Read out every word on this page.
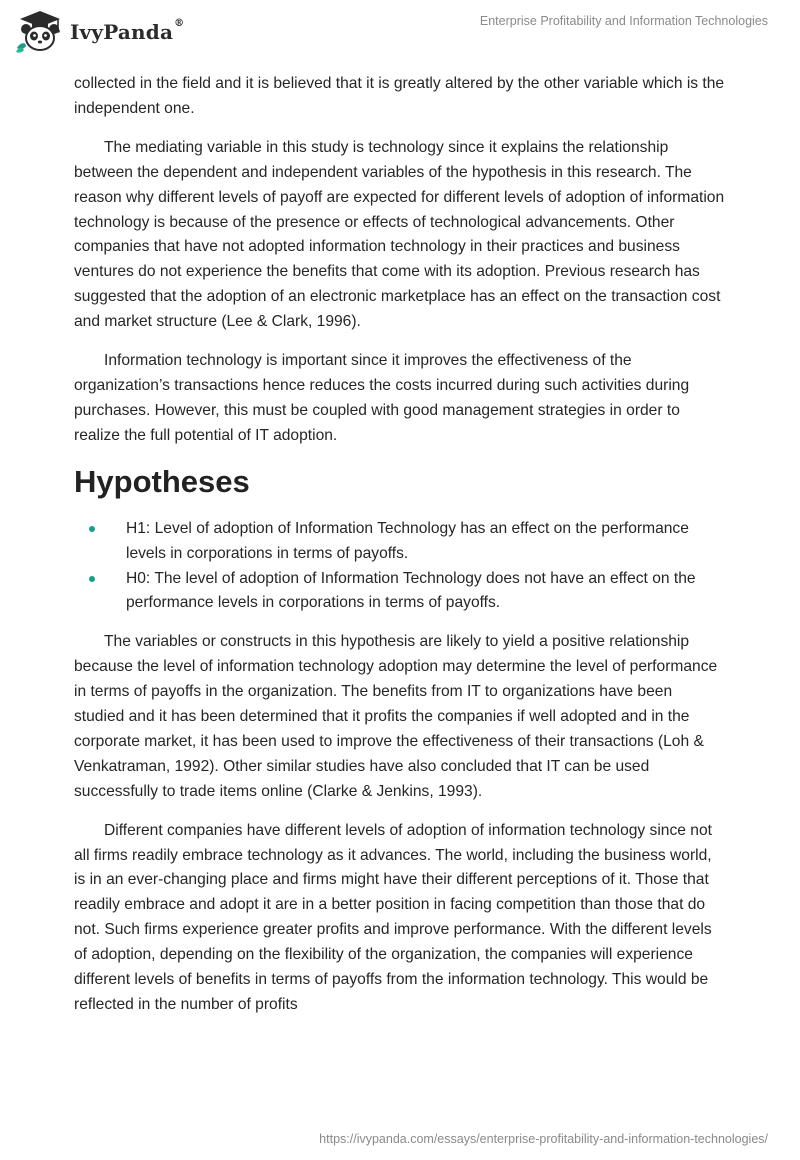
IvyPanda®	Enterprise Profitability and Information Technologies

collected in the field and it is believed that it is greatly altered by the other variable which is the independent one.

The mediating variable in this study is technology since it explains the relationship between the dependent and independent variables of the hypothesis in this research. The reason why different levels of payoff are expected for different levels of adoption of information technology is because of the presence or effects of technological advancements. Other companies that have not adopted information technology in their practices and business ventures do not experience the benefits that come with its adoption. Previous research has suggested that the adoption of an electronic marketplace has an effect on the transaction cost and market structure (Lee & Clark, 1996).

Information technology is important since it improves the effectiveness of the organization’s transactions hence reduces the costs incurred during such activities during purchases. However, this must be coupled with good management strategies in order to realize the full potential of IT adoption.

Hypotheses
H1: Level of adoption of Information Technology has an effect on the performance levels in corporations in terms of payoffs.
H0: The level of adoption of Information Technology does not have an effect on the performance levels in corporations in terms of payoffs.

The variables or constructs in this hypothesis are likely to yield a positive relationship because the level of information technology adoption may determine the level of performance in terms of payoffs in the organization. The benefits from IT to organizations have been studied and it has been determined that it profits the companies if well adopted and in the corporate market, it has been used to improve the effectiveness of their transactions (Loh & Venkatraman, 1992). Other similar studies have also concluded that IT can be used successfully to trade items online (Clarke & Jenkins, 1993).

Different companies have different levels of adoption of information technology since not all firms readily embrace technology as it advances. The world, including the business world, is in an ever-changing place and firms might have their different perceptions of it. Those that readily embrace and adopt it are in a better position in facing competition than those that do not. Such firms experience greater profits and improve performance. With the different levels of adoption, depending on the flexibility of the organization, the companies will experience different levels of benefits in terms of payoffs from the information technology. This would be reflected in the number of profits

https://ivypanda.com/essays/enterprise-profitability-and-information-technologies/
